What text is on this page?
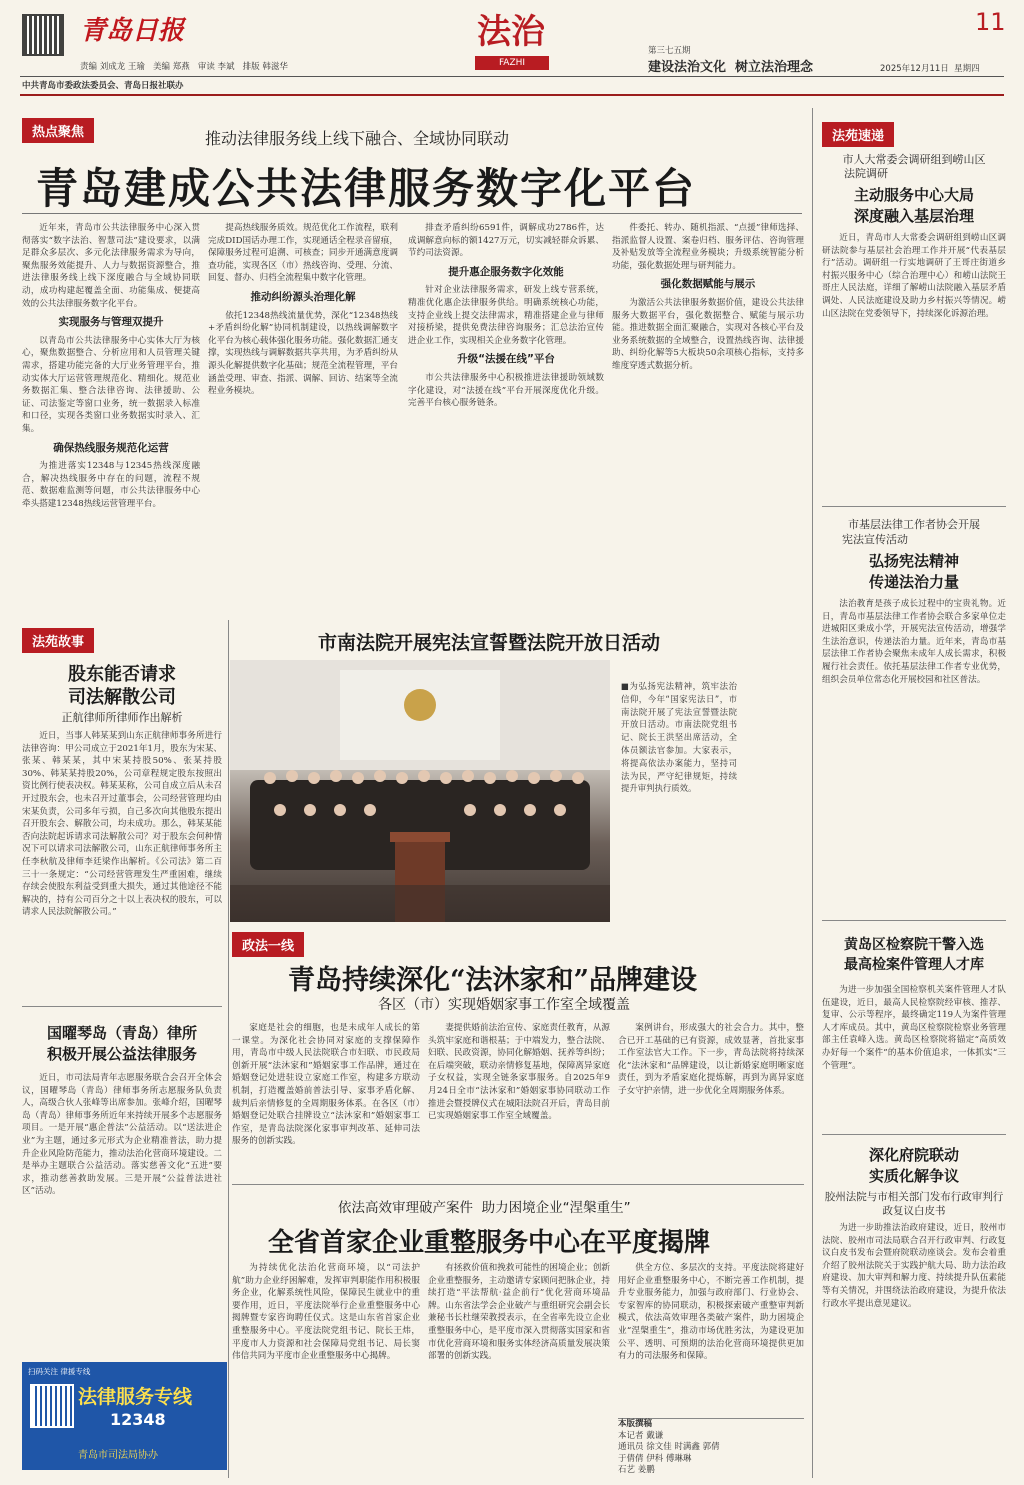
青岛日报
责编 刘成龙 王瑜 美编 郑燕 审读 李斌 排版 韩滋华
法治
FAZHI
11
第三七五期
建设法治文化  树立法治理念	2025年12月11日  星期四
中共青岛市委政法委员会、青岛日报社联办
热点聚焦	推动法律服务线上线下融合、全域协同联动
青岛建成公共法律服务数字化平台

近年来，青岛市公共法律服务中心深入贯彻落实“数字法治、智慧司法”建设要求，以满足群众多层次、多元化法律服务需求为导向，聚焦服务效能提升、人力与数据资源整合，推进法律服务线上线下深度融合与全域协同联动，成功构建起覆盖全面、功能集成、便捷高效的公共法律服务数字化平台。

实现服务与管理双提升

以青岛市公共法律服务中心实体大厅为核心，聚焦数据整合、分析应用和人员管理关键需求，搭建功能完备的大厅业务管理平台，推动实体大厅运营管理规范化、精细化。规范业务数据汇集、整合法律咨询、法律援助、公证、司法鉴定等窗口业务，统一数据录入标准和口径，实现各类窗口业务数据实时录入、汇集。

确保热线服务规范化运营

为推进落实12348与12345热线深度融合，解决热线服务中存在的问题，流程不规范、数据难监测等问题，市公共法律服务中心牵头搭建12348热线运营管理平台。

提高热线服务质效。规范优化工作流程，联利完成DID国话办理工作，实现通话全程录音留痕，保障服务过程可追溯、可核查；同步开通满意度调查功能，实现各区（市）热线咨询、受理、分流、回复、督办、归档全流程集中数字化管理。

推动纠纷源头治理化解

依托12348热线流量优势，深化“12348热线+矛盾纠纷化解”协同机制建设，以热线调解数字化平台为核心载体强化服务功能。强化数据汇通支撑，实现热线与调解数据共享共用，为矛盾纠纷从源头化解提供数字化基础；规范全流程管理，平台涵盖受理、审查、指派、调解、回访、结案等全流程业务模块。

排查矛盾纠纷6591件，调解成功2786件，达成调解意向标的额1427万元，切实减轻群众诉累、节约司法资源。

提升惠企服务数字化效能

针对企业法律服务需求，研发上线专营系统，精准优化惠企法律服务供给。明确系统核心功能，支持企业线上提交法律需求，精准搭建企业与律师对接桥梁，提供免费法律咨询服务；汇总法治宣传进企业工作，实现相关企业务数字化管理。

升级“法援在线”平台

市公共法律服务中心积极推进法律援助领域数字化建设，对“法援在线”平台开展深度优化升级。完善平台核心服务链条。

件委托、转办、随机指派、“点援”律师选择、指派监督人设置、案卷归档、服务评估、咨询管理及补贴发放等全流程业务模块；升级系统智能分析功能，强化数据处理与研判能力。

强化数据赋能与展示

为激活公共法律服务数据价值，建设公共法律服务大数据平台，强化数据整合、赋能与展示功能。推进数据全面汇聚融合，实现对各核心平台及业务系统数据的全域整合，设置热线咨询、法律援助、纠纷化解等5大板块50余项核心指标，支持多维度穿透式数据分析。

市南法院开展宪法宣誓暨法院开放日活动

■为弘扬宪法精神，筑牢法治信仰，今年“国家宪法日”，市南法院开展了宪法宣誓暨法院开放日活动。市南法院党组书记、院长王洪坚出席活动，全体员额法官参加。大家表示，将提高依法办案能力，坚持司法为民，严守纪律规矩，持续提升审判执行质效。

法苑故事
股东能否请求
司法解散公司
正航律师所律师作出解析

近日，当事人韩某某到山东正航律师事务所进行法律咨询：甲公司成立于2021年1月，股东为宋某、张某、韩某某，其中宋某持股50%、张某持股30%、韩某某持股20%，公司章程规定股东按照出资比例行使表决权。韩某某称，公司自成立后从未召开过股东会，也未召开过董事会，公司经营管理均由宋某负责，公司多年亏损，自己多次向其他股东提出召开股东会、解散公司，均未成功。那么，韩某某能否向法院起诉请求司法解散公司？对于股东会何种情况下可以请求司法解散公司，山东正航律师事务所主任李秋航及律师李廷梁作出解析。《公司法》第二百三十一条规定：“公司经营管理发生严重困难，继续存续会使股东利益受到重大损失，通过其他途径不能解决的，持有公司百分之十以上表决权的股东，可以请求人民法院解散公司。”

国曜琴岛（青岛）律所
积极开展公益法律服务

近日，市司法局青年志愿服务联合会召开全体会议，国曜琴岛（青岛）律师事务所志愿服务队负责人，高级合伙人张峰等出席参加。张峰介绍，国曜琴岛（青岛）律师事务所近年来持续开展多个志愿服务项目。一是开展“惠企普法”公益活动。以“送法进企业”为主题，通过多元形式为企业精准普法，助力提升企业风险防范能力，推动法治化营商环境建设。二是举办主题联合公益活动。落实慈善文化“五进”要求，推动慈善救助发展。三是开展“公益普法进社区”活动。

扫码关注 律援专线
法律服务专线
12348
青岛市司法局协办
政法一线
青岛持续深化“法沐家和”品牌建设
各区（市）实现婚姻家事工作室全域覆盖

家庭是社会的细胞，也是未成年人成长的第一课堂。为深化社会协同对家庭的支撑保障作用，青岛市中级人民法院联合市妇联、市民政局创新开展“法沐家和”婚姻家事工作品牌，通过在婚姻登记处进驻设立家庭工作室，构建多方联动机制，打造覆盖婚前普法引导、家事矛盾化解、裁判后亲情修复的全周期服务体系。在各区（市）婚姻登记处联合挂牌设立“法沐家和”婚姻家事工作室，是青岛法院深化家事审判改革、延伸司法服务的创新实践。

妻提供婚前法治宣传、家庭责任教育，从源头筑牢家庭和谐根基；于中端发力，整合法院、妇联、民政资源，协同化解婚姻、抚养等纠纷；在后端突破，联动亲情修复基地，保障离异家庭子女权益，实现全链条家事服务。自2025年9月24日全市“法沐家和”婚姻家事协同联动工作推进会暨授牌仪式在城阳法院召开后，青岛目前已实现婚姻家事工作室全域覆盖。

案例讲台，形成强大的社会合力。其中，整合已开工基础的已有资源，成效显著，首批家事工作室法官大工作。下一步，青岛法院将持续深化“法沐家和”品牌建设，以让新婚家庭明晰家庭责任，到为矛盾家庭化提炼解，再到为离异家庭子女守护亲情，进一步优化全周期服务体系。

依法高效审理破产案件  助力困境企业“涅槃重生”
全省首家企业重整服务中心在平度揭牌

为持续优化法治化营商环境，以“司法护航”助力企业纾困解难，发挥审判职能作用积极服务企业，化解系统性风险，保障民生就业中的重要作用，近日，平度法院举行企业重整服务中心揭牌暨专家咨询聘任仪式。这是山东省首家企业重整服务中心。平度法院党组书记、院长王炜，平度市人力资源和社会保障局党组书记、局长窦伟信共同为平度市企业重整服务中心揭牌。

有拯救价值和挽救可能性的困境企业；创新企业重整服务，主动邀请专家顾问把脉企业，持续打造“平法帮航·益企前行”优化营商环境品牌。山东省法学会企业破产与重组研究会副会长兼秘书长杜继荣教授表示，在全省率先设立企业重整服务中心，是平度市深入贯彻落实国家和省市优化营商环境和服务实体经济高质量发展决策部署的创新实践。

供全方位、多层次的支持。平度法院将建好用好企业重整服务中心，不断完善工作机制，提升专业服务能力，加强与政府部门、行业协会、专家智库的协同联动，积极探索破产重整审判新模式，依法高效审理各类破产案件，助力困境企业“涅槃重生”，推动市场优胜劣汰，为建设更加公平、透明、可预期的法治化营商环境提供更加有力的司法服务和保障。

本版撰稿
本记者 戴谦
通讯员 徐文佳 时满鑫 郭倩
于倩倩 伊科 傅琳琳
石艺 姜鹏
法苑速递
市人大常委会调研组到崂山区
法院调研
主动服务中心大局
深度融入基层治理

近日，青岛市人大常委会调研组到崂山区调研法院参与基层社会治理工作并开展“代表基层行”活动。调研组一行实地调研了王哥庄街道乡村振兴服务中心（综合治理中心）和崂山法院王哥庄人民法庭，详细了解崂山法院融入基层矛盾调处、人民法庭建设及助力乡村振兴等情况。崂山区法院在党委领导下，持续深化诉源治理。

市基层法律工作者协会开展
宪法宣传活动
弘扬宪法精神
传递法治力量

法治教育是孩子成长过程中的宝贵礼物。近日，青岛市基层法律工作者协会联合多家单位走进城阳区秉成小学，开展宪法宣传活动，增强学生法治意识，传递法治力量。近年来，青岛市基层法律工作者协会聚焦未成年人成长需求，积极履行社会责任。依托基层法律工作者专业优势，组织会员单位常态化开展校园和社区普法。

黄岛区检察院干警入选
最高检案件管理人才库

为进一步加强全国检察机关案件管理人才队伍建设，近日，最高人民检察院经审核、推荐、复审、公示等程序，最终确定119人为案件管理人才库成员。其中，黄岛区检察院检察业务管理部主任袁峰入选。黄岛区检察院将锚定“高质效办好每一个案件”的基本价值追求，一体抓实“三个管理”。

深化府院联动
实质化解争议
胶州法院与市相关部门发布行政审判行政复议白皮书

为进一步助推法治政府建设，近日，胶州市法院、胶州市司法局联合召开行政审判、行政复议白皮书发布会暨府院联动座谈会。发布会着重介绍了胶州法院关于实践护航大局、助力法治政府建设、加大审判和解力度、持续提升队伍素能等有关情况，并围绕法治政府建设，为提升依法行政水平提出意见建议。
